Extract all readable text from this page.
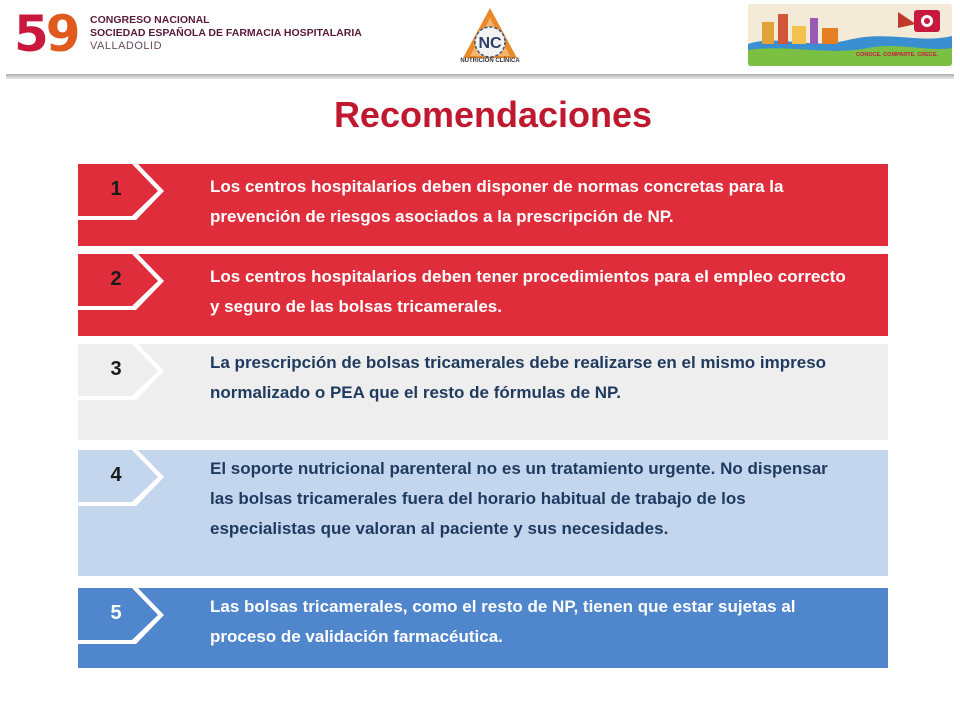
59 CONGRESO NACIONAL
SOCIEDAD ESPAÑOLA DE FARMACIA HOSPITALARIA
VALLADOLID	NC
NUTRICIÓN CLÍNICA
CONOCE. COMPARTE. CRECE.
Recomendaciones
1	Los centros hospitalarios deben disponer de normas concretas para la prevención de riesgos asociados a la prescripción de NP.
2	Los centros hospitalarios deben tener procedimientos para el empleo correcto y seguro de las bolsas tricamerales.
3	La prescripción de bolsas tricamerales debe realizarse en el mismo impreso normalizado o PEA que el resto de fórmulas de NP.
4	El soporte nutricional parenteral no es un tratamiento urgente. No dispensar las bolsas tricamerales fuera del horario habitual de trabajo de los especialistas que valoran al paciente y sus necesidades.
5	Las bolsas tricamerales, como el resto de NP, tienen que estar sujetas al proceso de validación farmacéutica.
